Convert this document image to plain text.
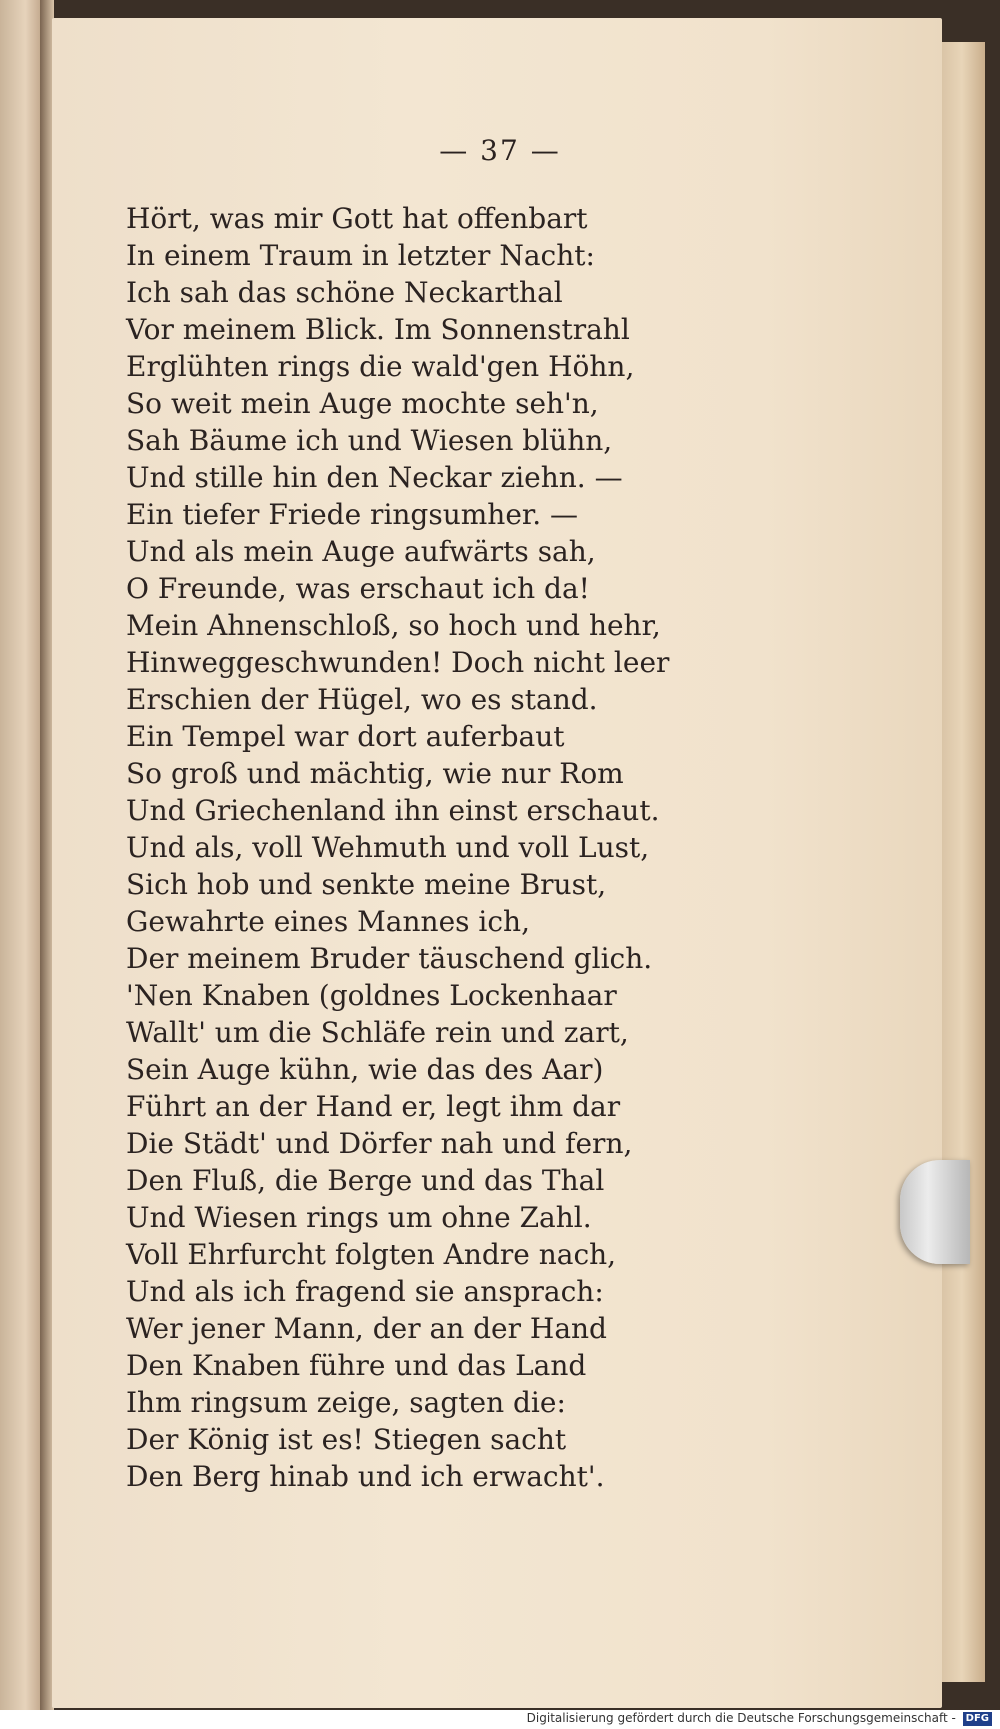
— 37 —
Hört, was mir Gott hat offenbart
In einem Traum in letzter Nacht:
Ich sah das schöne Neckarthal
Vor meinem Blick. Im Sonnenstrahl
Erglühten rings die wald'gen Höhn,
So weit mein Auge mochte seh'n,
Sah Bäume ich und Wiesen blühn,
Und stille hin den Neckar ziehn. —
Ein tiefer Friede ringsumher. —
Und als mein Auge aufwärts sah,
O Freunde, was erschaut ich da!
Mein Ahnenschloß, so hoch und hehr,
Hinweggeschwunden! Doch nicht leer
Erschien der Hügel, wo es stand.
Ein Tempel war dort auferbaut
So groß und mächtig, wie nur Rom
Und Griechenland ihn einst erschaut.
Und als, voll Wehmuth und voll Lust,
Sich hob und senkte meine Brust,
Gewahrte eines Mannes ich,
Der meinem Bruder täuschend glich.
'Nen Knaben (goldnes Lockenhaar
Wallt' um die Schläfe rein und zart,
Sein Auge kühn, wie das des Aar)
Führt an der Hand er, legt ihm dar
Die Städt' und Dörfer nah und fern,
Den Fluß, die Berge und das Thal
Und Wiesen rings um ohne Zahl.
Voll Ehrfurcht folgten Andre nach,
Und als ich fragend sie ansprach:
Wer jener Mann, der an der Hand
Den Knaben führe und das Land
Ihm ringsum zeige, sagten die:
Der König ist es! Stiegen sacht
Den Berg hinab und ich erwacht'.
Digitalisierung gefördert durch die Deutsche Forschungsgemeinschaft - DFG
